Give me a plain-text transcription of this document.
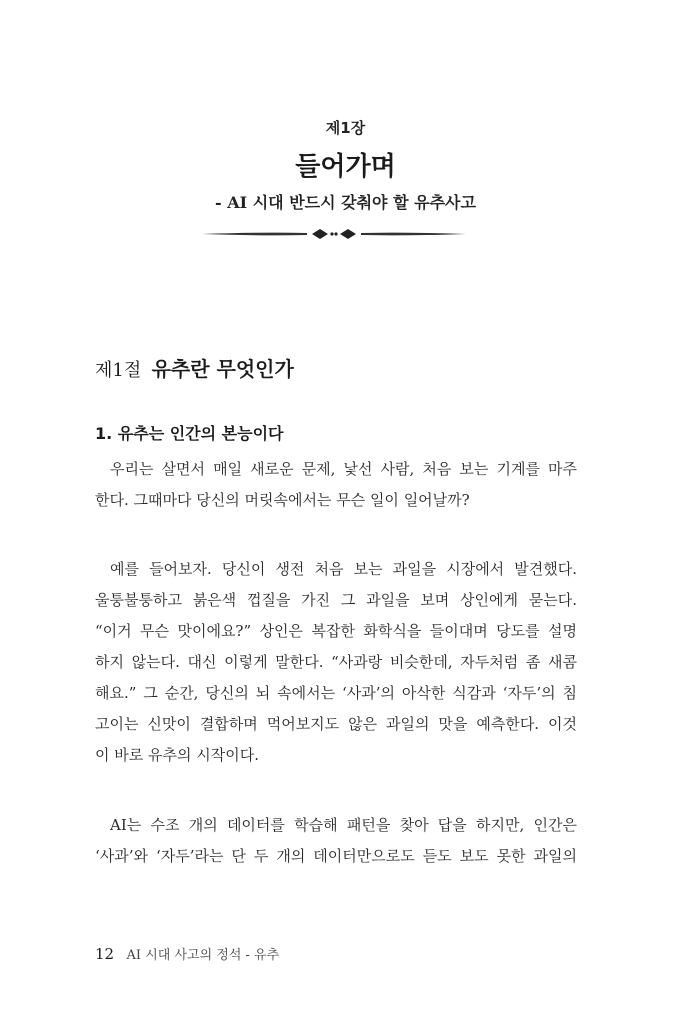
제1장
들어가며
- AI 시대 반드시 갖춰야 할 유추사고
제1절 유추란 무엇인가
1. 유추는 인간의 본능이다
우리는 살면서 매일 새로운 문제, 낯선 사람, 처음 보는 기계를 마주
한다. 그때마다 당신의 머릿속에서는 무슨 일이 일어날까?
예를 들어보자. 당신이 생전 처음 보는 과일을 시장에서 발견했다.
울퉁불퉁하고 붉은색 껍질을 가진 그 과일을 보며 상인에게 묻는다.
“이거 무슨 맛이에요?” 상인은 복잡한 화학식을 들이대며 당도를 설명
하지 않는다. 대신 이렇게 말한다. “사과랑 비슷한데, 자두처럼 좀 새콤
해요.” 그 순간, 당신의 뇌 속에서는 ‘사과’의 아삭한 식감과 ‘자두’의 침
고이는 신맛이 결합하며 먹어보지도 않은 과일의 맛을 예측한다. 이것
이 바로 유추의 시작이다.
AI는 수조 개의 데이터를 학습해 패턴을 찾아 답을 하지만, 인간은
‘사과’와 ‘자두’라는 단 두 개의 데이터만으로도 듣도 보도 못한 과일의
12 AI 시대 사고의 정석 - 유추
